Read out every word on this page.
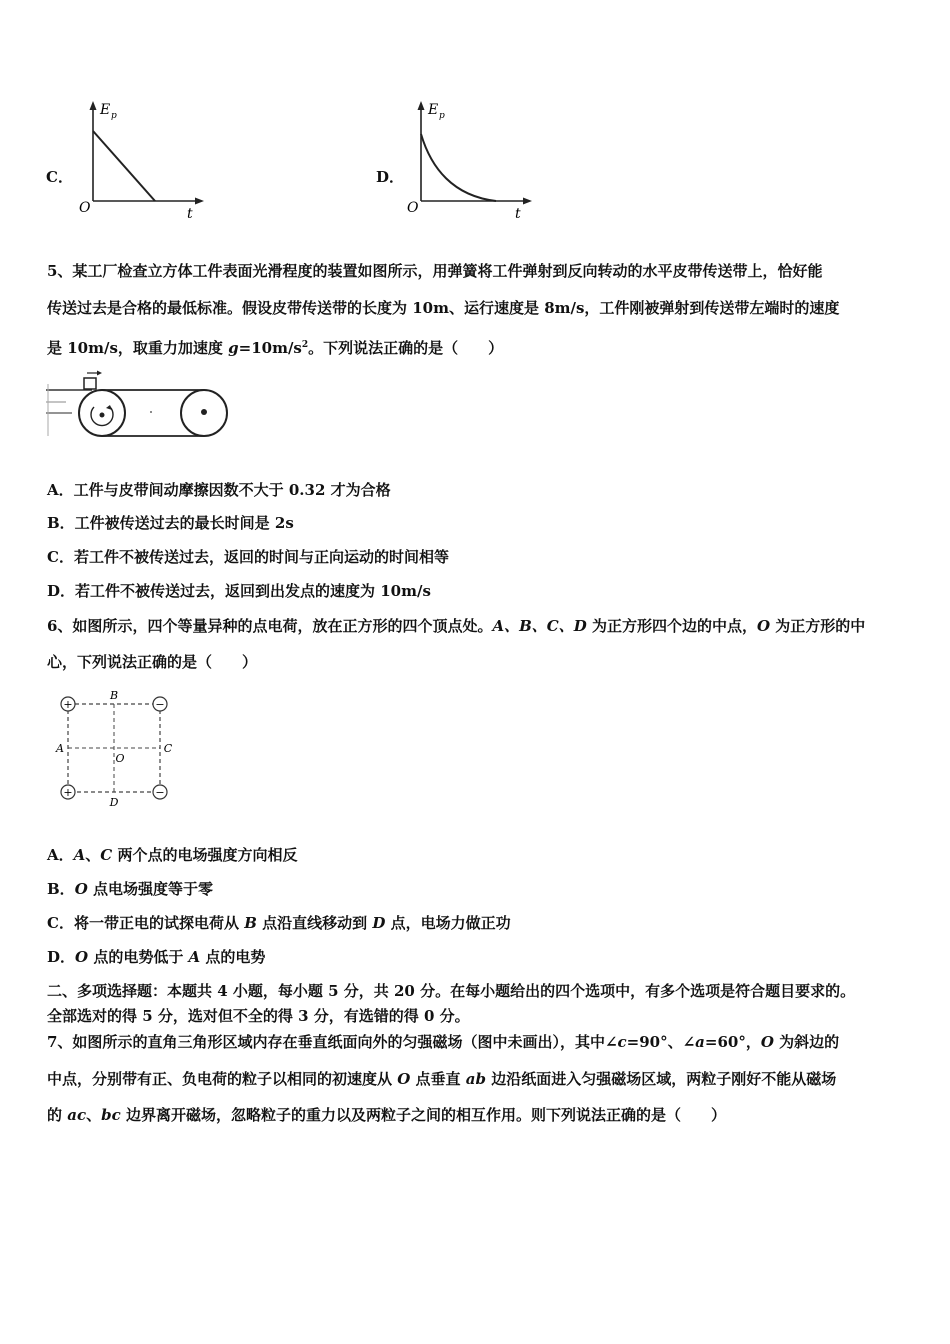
C．
E p
O	t
D．
E p
O	t
5、某工厂检查立方体工件表面光滑程度的装置如图所示，用弹簧将工件弹射到反向转动的水平皮带传送带上，恰好能
传送过去是合格的最低标准。假设皮带传送带的长度为 10m、运行速度是 8m/s，工件刚被弹射到传送带左端时的速度
是 10m/s，取重力加速度 $g=10m/s^2$。下列说法正确的是（　　）
A．工件与皮带间动摩擦因数不大于 0.32 才为合格
B．工件被传送过去的最长时间是 2s
C．若工件不被传送过去，返回的时间与正向运动的时间相等
D．若工件不被传送过去，返回到出发点的速度为 10m/s
6、如图所示，四个等量异种的点电荷，放在正方形的四个顶点处。A、B、C、D 为正方形四个边的中点，O 为正方形的中
心，下列说法正确的是（　　）
+	−
+	−
B
A	C
D
O
A．A、C 两个点的电场强度方向相反
B．O 点电场强度等于零
C．将一带正电的试探电荷从 B 点沿直线移动到 D 点，电场力做正功
D．O 点的电势低于 A 点的电势
二、多项选择题：本题共 4 小题，每小题 5 分，共 20 分。在每小题给出的四个选项中，有多个选项是符合题目要求的。
全部选对的得 5 分，选对但不全的得 3 分，有选错的得 0 分。
7、如图所示的直角三角形区域内存在垂直纸面向外的匀强磁场（图中未画出），其中∠c=90°、∠a=60°，O 为斜边的
中点，分别带有正、负电荷的粒子以相同的初速度从 O 点垂直 ab 边沿纸面进入匀强磁场区域，两粒子刚好不能从磁场
的 ac、bc 边界离开磁场，忽略粒子的重力以及两粒子之间的相互作用。则下列说法正确的是（　　）
